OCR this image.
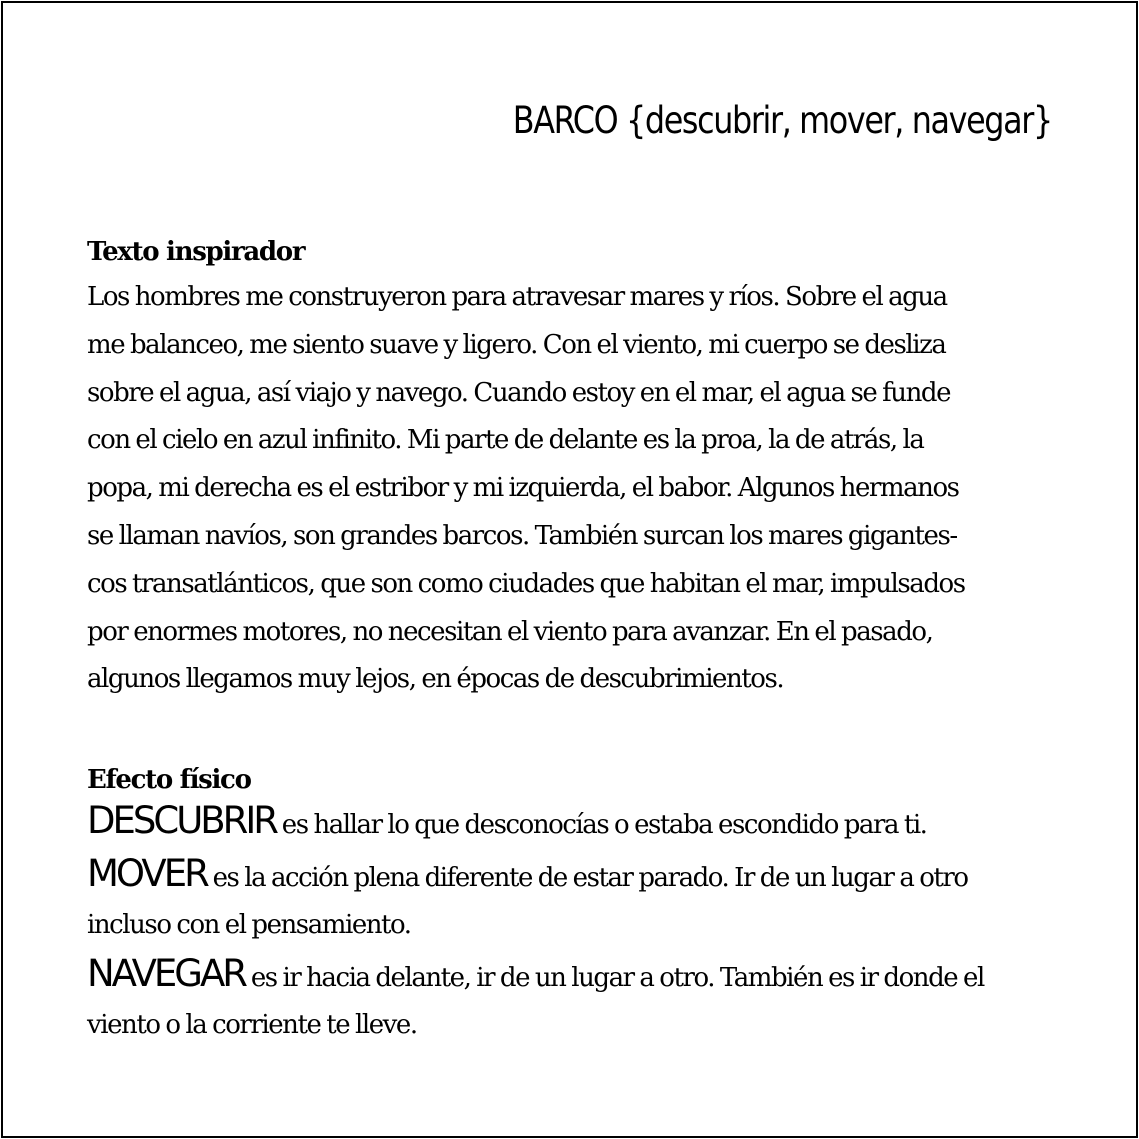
BARCO {descubrir, mover, navegar}
Texto inspirador

Los hombres me construyeron para atravesar mares y ríos. Sobre el agua
me balanceo, me siento suave y ligero. Con el viento, mi cuerpo se desliza
sobre el agua, así viajo y navego. Cuando estoy en el mar, el agua se funde
con el cielo en azul infinito. Mi parte de delante es la proa, la de atrás, la
popa, mi derecha es el estribor y mi izquierda, el babor. Algunos hermanos
se llaman navíos, son grandes barcos. También surcan los mares gigantes-
cos transatlánticos, que son como ciudades que habitan el mar, impulsados
por enormes motores, no necesitan el viento para avanzar. En el pasado,
algunos llegamos muy lejos, en épocas de descubrimientos.

Efecto físico
DESCUBRIR es hallar lo que desconocías o estaba escondido para ti.
MOVER es la acción plena diferente de estar parado. Ir de un lugar a otro
incluso con el pensamiento.
NAVEGAR es ir hacia delante, ir de un lugar a otro. También es ir donde el
viento o la corriente te lleve.
